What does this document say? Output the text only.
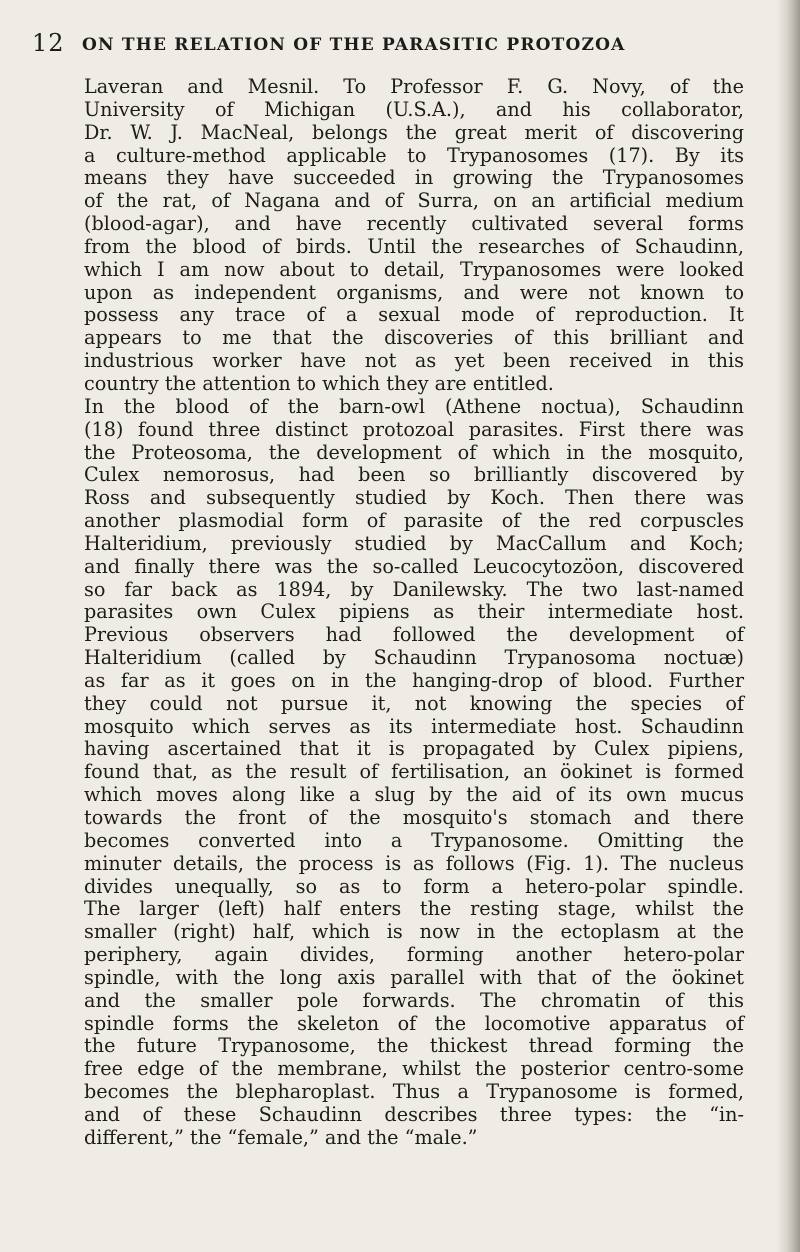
12 ON THE RELATION OF THE PARASITIC PROTOZOA
Laveran and Mesnil. To Professor F. G. Novy, of the
University of Michigan (U.S.A.), and his collaborator,
Dr. W. J. MacNeal, belongs the great merit of discovering
a culture-method applicable to Trypanosomes (17). By its
means they have succeeded in growing the Trypanosomes
of the rat, of Nagana and of Surra, on an artificial medium
(blood-agar), and have recently cultivated several forms
from the blood of birds. Until the researches of Schaudinn,
which I am now about to detail, Trypanosomes were looked
upon as independent organisms, and were not known to
possess any trace of a sexual mode of reproduction. It
appears to me that the discoveries of this brilliant and
industrious worker have not as yet been received in this
country the attention to which they are entitled.
In the blood of the barn-owl (Athene noctua), Schaudinn
(18) found three distinct protozoal parasites. First there was
the Proteosoma, the development of which in the mosquito,
Culex nemorosus, had been so brilliantly discovered by
Ross and subsequently studied by Koch. Then there was
another plasmodial form of parasite of the red corpuscles
Halteridium, previously studied by MacCallum and Koch;
and finally there was the so-called Leucocytozöon, discovered
so far back as 1894, by Danilewsky. The two last-named
parasites own Culex pipiens as their intermediate host.
Previous observers had followed the development of
Halteridium (called by Schaudinn Trypanosoma noctuæ)
as far as it goes on in the hanging-drop of blood. Further
they could not pursue it, not knowing the species of
mosquito which serves as its intermediate host. Schaudinn
having ascertained that it is propagated by Culex pipiens,
found that, as the result of fertilisation, an öokinet is formed
which moves along like a slug by the aid of its own mucus
towards the front of the mosquito's stomach and there
becomes converted into a Trypanosome. Omitting the
minuter details, the process is as follows (Fig. 1). The nucleus
divides unequally, so as to form a hetero-polar spindle.
The larger (left) half enters the resting stage, whilst the
smaller (right) half, which is now in the ectoplasm at the
periphery, again divides, forming another hetero-polar
spindle, with the long axis parallel with that of the öokinet
and the smaller pole forwards. The chromatin of this
spindle forms the skeleton of the locomotive apparatus of
the future Trypanosome, the thickest thread forming the
free edge of the membrane, whilst the posterior centro-some
becomes the blepharoplast. Thus a Trypanosome is formed,
and of these Schaudinn describes three types: the “in-
different,” the “female,” and the “male.”
